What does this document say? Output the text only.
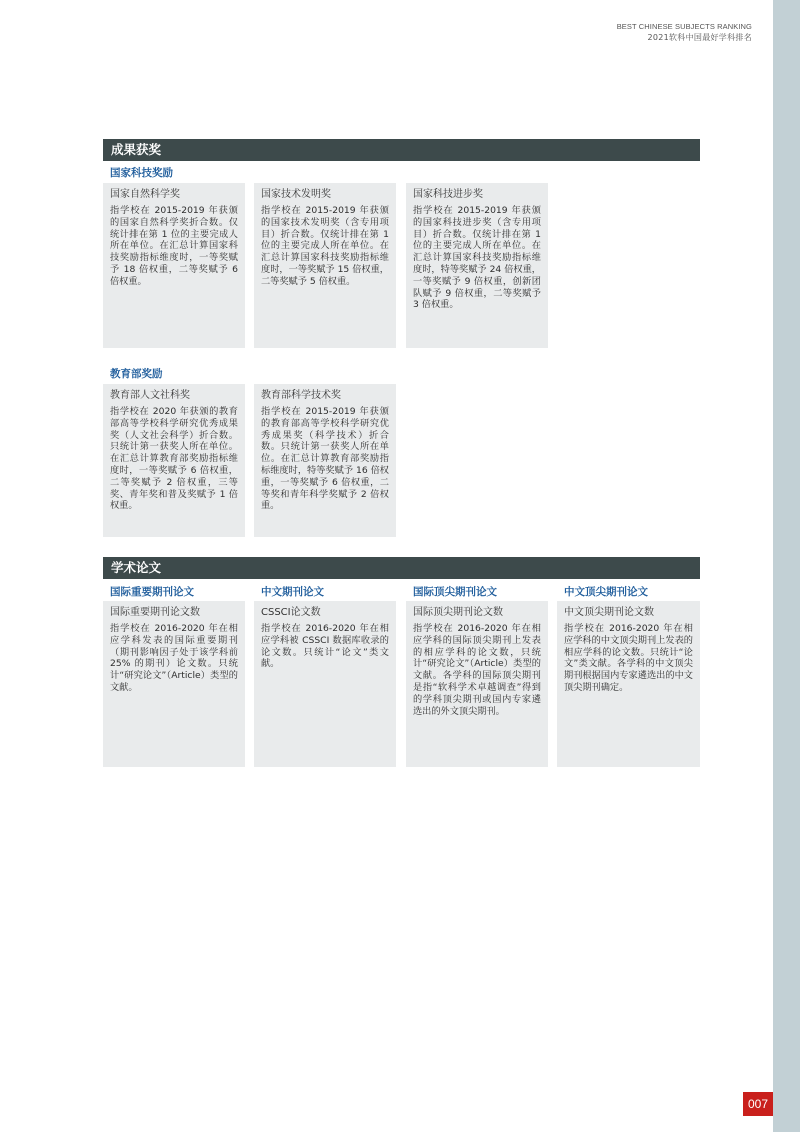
BEST CHINESE SUBJECTS RANKING
2021软科中国最好学科排名
成果获奖
国家科技奖励
国家自然科学奖
指学校在 2015-2019 年获颁的国家自然科学奖折合数。仅统计排在第 1 位的主要完成人所在单位。在汇总计算国家科技奖励指标维度时，一等奖赋予 18 倍权重，二等奖赋予 6 倍权重。
国家技术发明奖
指学校在 2015-2019 年获颁的国家技术发明奖（含专用项目）折合数。仅统计排在第 1 位的主要完成人所在单位。在汇总计算国家科技奖励指标维度时，一等奖赋予 15 倍权重，二等奖赋予 5 倍权重。
国家科技进步奖
指学校在 2015-2019 年获颁的国家科技进步奖（含专用项目）折合数。仅统计排在第 1 位的主要完成人所在单位。在汇总计算国家科技奖励指标维度时，特等奖赋予 24 倍权重，一等奖赋予 9 倍权重，创新团队赋予 9 倍权重，二等奖赋予 3 倍权重。
教育部奖励
教育部人文社科奖
指学校在 2020 年获颁的教育部高等学校科学研究优秀成果奖（人文社会科学）折合数。只统计第一获奖人所在单位。在汇总计算教育部奖励指标维度时，一等奖赋予 6 倍权重，二等奖赋予 2 倍权重，三等奖、青年奖和普及奖赋予 1 倍权重。
教育部科学技术奖
指学校在 2015-2019 年获颁的教育部高等学校科学研究优秀成果奖（科学技术）折合数。只统计第一获奖人所在单位。在汇总计算教育部奖励指标维度时，特等奖赋予 16 倍权重，一等奖赋予 6 倍权重，二等奖和青年科学奖赋予 2 倍权重。
学术论文
国际重要期刊论文	中文期刊论文	国际顶尖期刊论文	中文顶尖期刊论文
国际重要期刊论文数
指学校在 2016-2020 年在相应学科发表的国际重要期刊（期刊影响因子处于该学科前 25% 的期刊）论文数。只统计“研究论文”（Article）类型的文献。
CSSCI论文数
指学校在 2016-2020 年在相应学科被 CSSCI 数据库收录的论文数。只统计“论文”类文献。
国际顶尖期刊论文数
指学校在 2016-2020 年在相应学科的国际顶尖期刊上发表的相应学科的论文数，只统计“研究论文”（Article）类型的文献。各学科的国际顶尖期刊是指“软科学术卓越调查”得到的学科顶尖期刊或国内专家遴选出的外文顶尖期刊。
中文顶尖期刊论文数
指学校在 2016-2020 年在相应学科的中文顶尖期刊上发表的相应学科的论文数。只统计“论文”类文献。各学科的中文顶尖期刊根据国内专家遴选出的中文顶尖期刊确定。
007
